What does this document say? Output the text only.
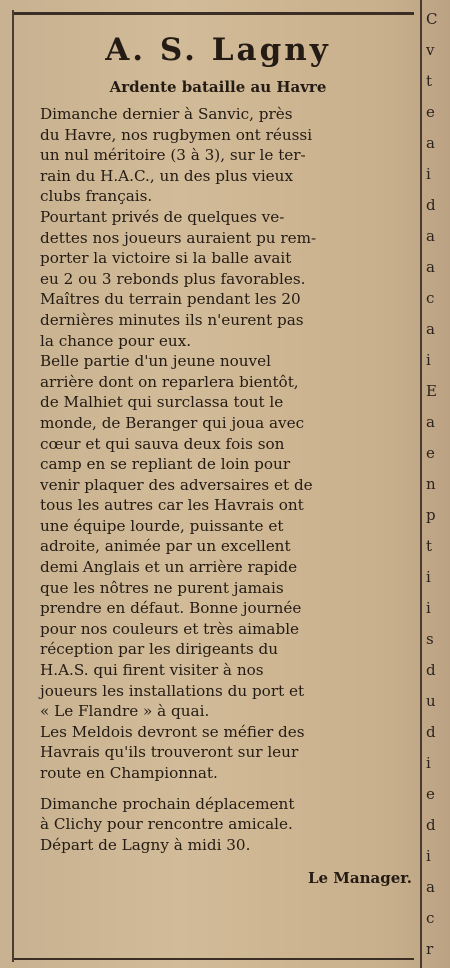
C
v
t
e
a
i
d
a
a
c
a
i
E
a
e
n
p
t
i
i
s
d
u
d
i
e
d
i
a
c
r
A. S. Lagny
Ardente bataille au Havre

Dimanche dernier à Sanvic, près
du Havre, nos rugbymen ont réussi
un nul méritoire (3 à 3), sur le ter-
rain du H.A.C., un des plus vieux
clubs français.

Pourtant privés de quelques ve-
dettes nos joueurs auraient pu rem-
porter la victoire si la balle avait
eu 2 ou 3 rebonds plus favorables.
Maîtres du terrain pendant les 20
dernières minutes ils n'eurent pas
la chance pour eux.

Belle partie d'un jeune nouvel
arrière dont on reparlera bientôt,
de Malhiet qui surclassa tout le
monde, de Beranger qui joua avec
cœur et qui sauva deux fois son
camp en se repliant de loin pour
venir plaquer des adversaires et de
tous les autres car les Havrais ont
une équipe lourde, puissante et
adroite, animée par un excellent
demi Anglais et un arrière rapide
que les nôtres ne purent jamais
prendre en défaut. Bonne journée
pour nos couleurs et très aimable
réception par les dirigeants du
H.A.S. qui firent visiter à nos
joueurs les installations du port et
« Le Flandre » à quai.

Les Meldois devront se méfier des
Havrais qu'ils trouveront sur leur
route en Championnat.

Dimanche prochain déplacement
à Clichy pour rencontre amicale.
Départ de Lagny à midi 30.

Le Manager.
